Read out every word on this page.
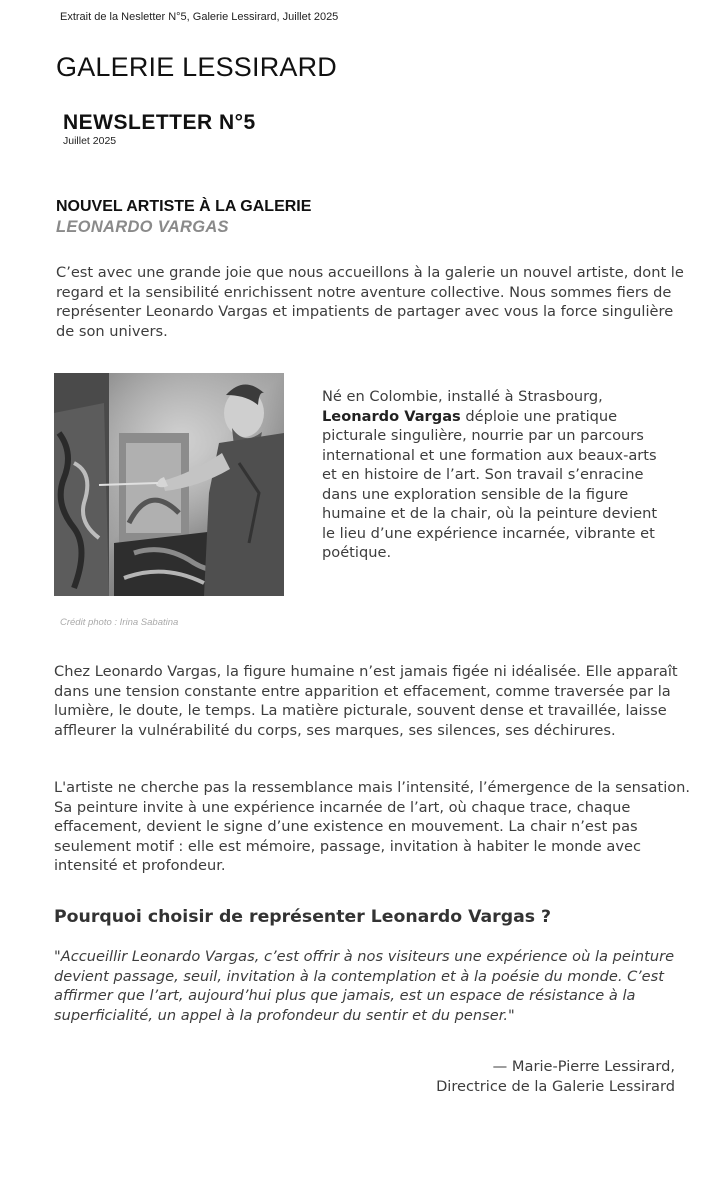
Extrait de la Nesletter N°5, Galerie Lessirard, Juillet 2025
GALERIE LESSIRARD
NEWSLETTER N°5
Juillet 2025
NOUVEL ARTISTE À LA GALERIE
LEONARDO VARGAS
C’est avec une grande joie que nous accueillons à la galerie un nouvel artiste, dont le regard et la sensibilité enrichissent notre aventure collective. Nous sommes fiers de représenter Leonardo Vargas et impatients de partager avec vous la force singulière de son univers.
Né en Colombie, installé à Strasbourg, Leonardo Vargas déploie une pratique picturale singulière, nourrie par un parcours international et une formation aux beaux-arts et en histoire de l’art. Son travail s’enracine dans une exploration sensible de la figure humaine et de la chair, où la peinture devient le lieu d’une expérience incarnée, vibrante et poétique.
Crédit photo : Irina Sabatina
Chez Leonardo Vargas, la figure humaine n’est jamais figée ni idéalisée. Elle apparaît dans une tension constante entre apparition et effacement, comme traversée par la lumière, le doute, le temps. La matière picturale, souvent dense et travaillée, laisse affleurer la vulnérabilité du corps, ses marques, ses silences, ses déchirures.
L'artiste ne cherche pas la ressemblance mais l’intensité, l’émergence de la sensation. Sa peinture invite à une expérience incarnée de l’art, où chaque trace, chaque effacement, devient le signe d’une existence en mouvement. La chair n’est pas seulement motif : elle est mémoire, passage, invitation à habiter le monde avec intensité et profondeur.
Pourquoi choisir de représenter Leonardo Vargas ?
"Accueillir Leonardo Vargas, c’est offrir à nos visiteurs une expérience où la peinture devient passage, seuil, invitation à la contemplation et à la poésie du monde. C’est affirmer que l’art, aujourd’hui plus que jamais, est un espace de résistance à la superficialité, un appel à la profondeur du sentir et du penser."
— Marie-Pierre Lessirard,
Directrice de la Galerie Lessirard
